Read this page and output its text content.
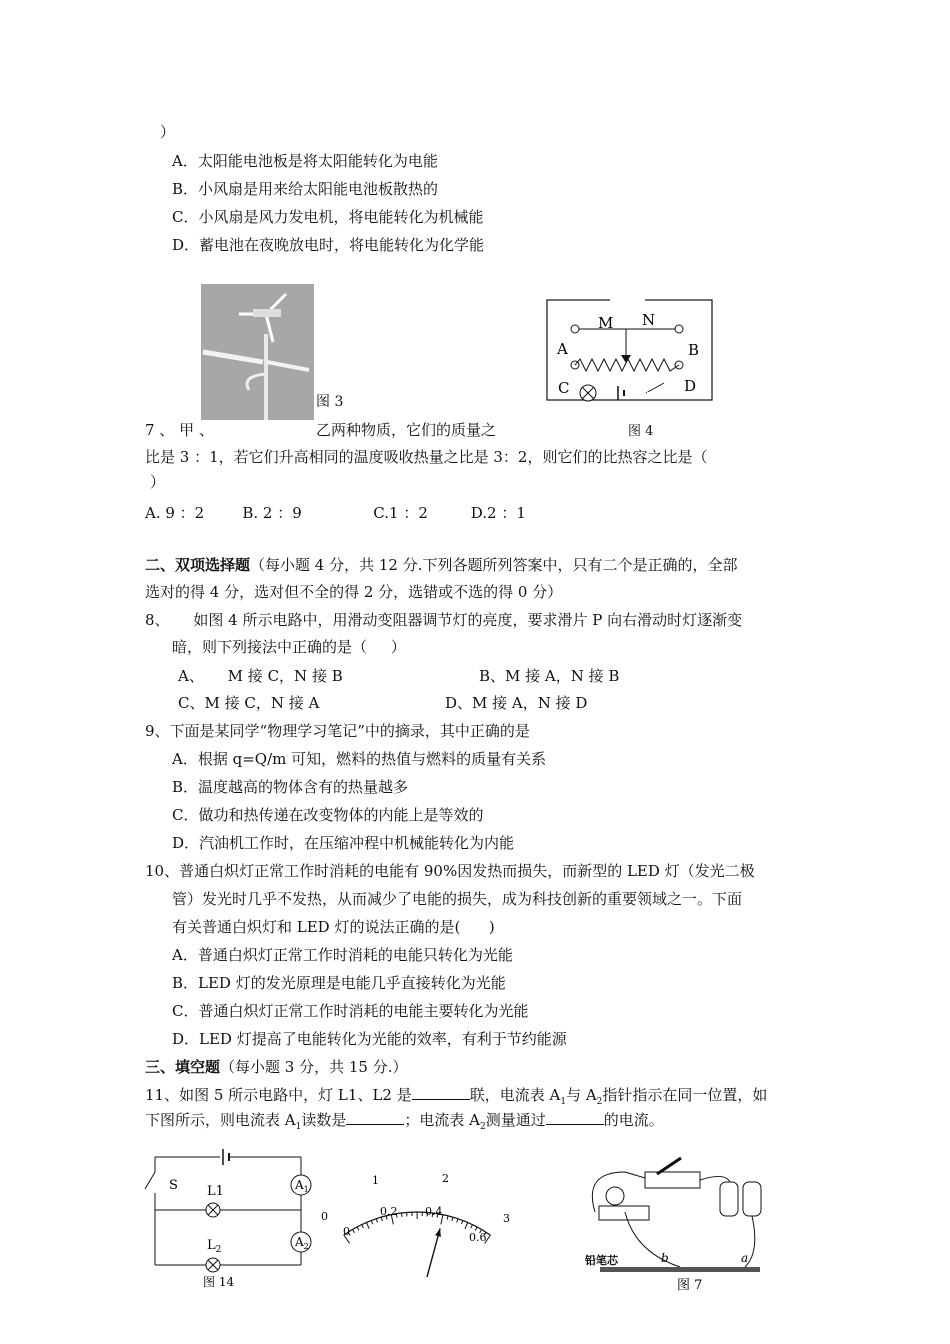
）
A．太阳能电池板是将太阳能转化为电能
B．小风扇是用来给太阳能电池板散热的
C．小风扇是风力发电机，将电能转化为机械能
D．蓄电池在夜晚放电时，将电能转化为化学能
图 3
M N
A	B
C	D
图 4
7 、 甲 、	乙两种物质，它们的质量之
比是 3 ：1，若它们升高相同的温度吸收热量之比是 3：2，则它们的比热容之比是（
）
A. 9 ：2        B. 2 ：9               C.1 ：2         D.2 ：1
二、双项选择题（每小题 4 分，共 12 分.下列各题所列答案中，只有二个是正确的，全部
选对的得 4 分，选对但不全的得 2 分，选错或不选的得 0 分）
8、     如图 4 所示电路中，用滑动变阻器调节灯的亮度，要求滑片 P 向右滑动时灯逐渐变
暗，则下列接法中正确的是（     ）
A、     M 接 C，N 接 B	B、M 接 A，N 接 B
C、M 接 C，N 接 A	D、M 接 A，N 接 D
9、下面是某同学“物理学习笔记”中的摘录，其中正确的是
A．根据 q=Q/m 可知，燃料的热值与燃料的质量有关系
B．温度越高的物体含有的热量越多
C．做功和热传递在改变物体的内能上是等效的
D．汽油机工作时，在压缩冲程中机械能转化为内能
10、普通白炽灯正常工作时消耗的电能有 90%因发热而损失，而新型的 LED 灯（发光二极
管）发光时几乎不发热，从而减少了电能的损失，成为科技创新的重要领域之一。下面
有关普通白炽灯和 LED 灯的说法正确的是(      )
A．普通白炽灯正常工作时消耗的电能只转化为光能
B．LED 灯的发光原理是电能几乎直接转化为光能
C．普通白炽灯正常工作时消耗的电能主要转化为光能
D．LED 灯提高了电能转化为光能的效率，有利于节约能源
三、填空题（每小题 3 分，共 15 分.）
11、如图 5 所示电路中，灯 L1、L2 是	联，电流表 $A_1$与 $A_2$指针指示在同一位置，如
下图所示，则电流表 $A_1$读数是	；电流表 $A_2$测量通过	的电流。
S L1
$L_2$
$A_1$
$A_2$
图 14
0
1	2
3
0
0.2	0.4
0.6
铅笔芯	b	a
图 7
